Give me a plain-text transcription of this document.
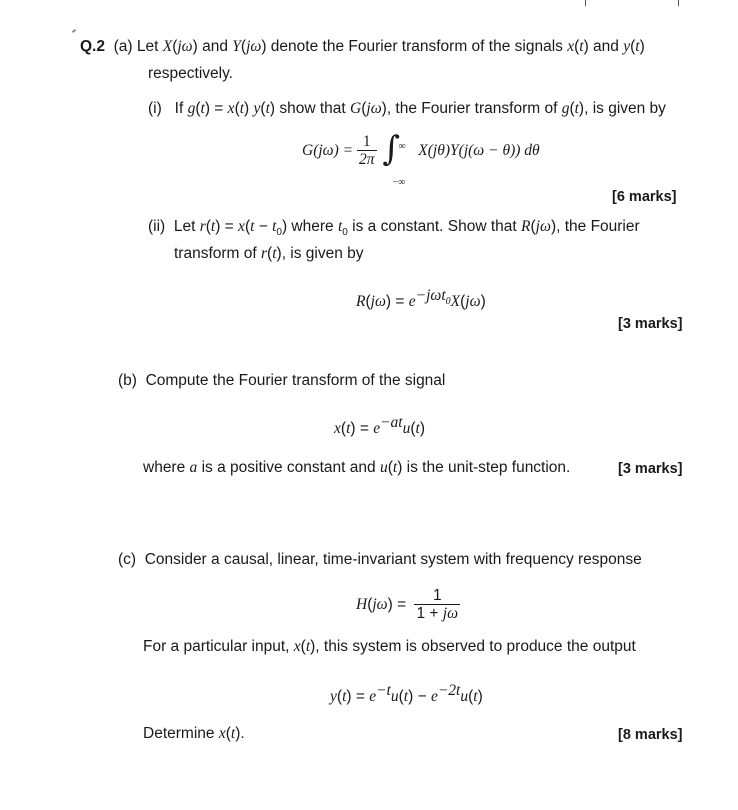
Q.2 (a) Let X(jω) and Y(jω) denote the Fourier transform of the signals x(t) and y(t)
respectively.
(i)   If g(t) = x(t) y(t) show that G(jω), the Fourier transform of g(t), is given by
$G(j\omega) = \frac{1}{2\pi}$
∫
∞
−∞
X(jθ)Y(j(ω − θ)) dθ
[6 marks]
(ii)  Let $r(t) = x(t - t_0)$ where $t_0$ is a constant. Show that R(jω), the Fourier
transform of r(t), is given by
$R(j\omega) = e^{-j\omega t_0}X(j\omega)$
[3 marks]
(b)  Compute the Fourier transform of the signal
$x(t) = e^{-at}u(t)$
where a is a positive constant and u(t) is the unit-step function.	[3 marks]
(c)  Consider a causal, linear, time-invariant system with frequency response
$H(j\omega) = \frac{1}{1 + j\omega}$
For a particular input, x(t), this system is observed to produce the output
$y(t) = e^{-t}u(t) - e^{-2t}u(t)$
Determine x(t).	[8 marks]
